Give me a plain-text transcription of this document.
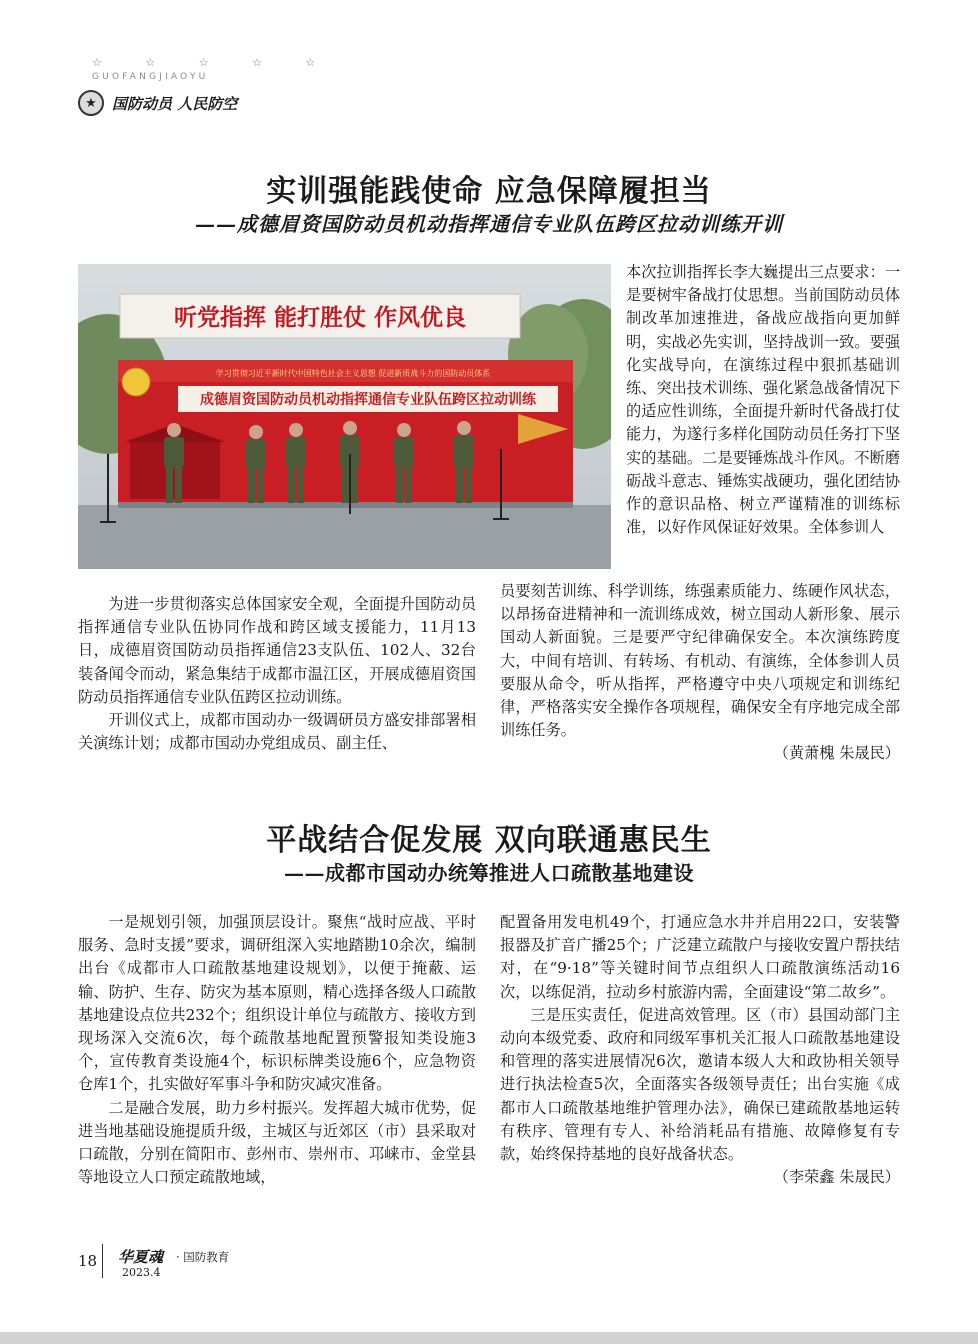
☆ ☆ ☆ ☆ ☆
GUOFANGJIAOYU
★	国防动员 人民防空
实训强能践使命 应急保障履担当
——成德眉资国防动员机动指挥通信专业队伍跨区拉动训练开训
听党指挥 能打胜仗 作风优良
学习贯彻习近平新时代中国特色社会主义思想 促进新质战斗力的国防动员体系
成德眉资国防动员机动指挥通信专业队伍跨区拉动训练

本次拉训指挥长李大巍提出三点要求：一是要树牢备战打仗思想。当前国防动员体制改革加速推进，备战应战指向更加鲜明，实战必先实训，坚持战训一致。要强化实战导向，在演练过程中狠抓基础训练、突出技术训练、强化紧急战备情况下的适应性训练，全面提升新时代备战打仗能力，为遂行多样化国防动员任务打下坚实的基础。二是要锤炼战斗作风。不断磨砺战斗意志、锤炼实战硬功，强化团结协作的意识品格、树立严谨精准的训练标准，以好作风保证好效果。全体参训人

为进一步贯彻落实总体国家安全观，全面提升国防动员指挥通信专业队伍协同作战和跨区域支援能力，11月13日，成德眉资国防动员指挥通信23支队伍、102人、32台装备闻令而动，紧急集结于成都市温江区，开展成德眉资国防动员指挥通信专业队伍跨区拉动训练。

开训仪式上，成都市国动办一级调研员方盛安排部署相关演练计划；成都市国动办党组成员、副主任、

员要刻苦训练、科学训练，练强素质能力、练硬作风状态，以昂扬奋进精神和一流训练成效，树立国动人新形象、展示国动人新面貌。三是要严守纪律确保安全。本次演练跨度大，中间有培训、有转场、有机动、有演练，全体参训人员要服从命令，听从指挥，严格遵守中央八项规定和训练纪律，严格落实安全操作各项规程，确保安全有序地完成全部训练任务。

（黄萧槐 朱晟民）

平战结合促发展 双向联通惠民生
——成都市国动办统筹推进人口疏散基地建设

一是规划引领，加强顶层设计。聚焦“战时应战、平时服务、急时支援”要求，调研组深入实地踏勘10余次，编制出台《成都市人口疏散基地建设规划》，以便于掩蔽、运输、防护、生存、防灾为基本原则，精心选择各级人口疏散基地建设点位共232个；组织设计单位与疏散方、接收方到现场深入交流6次，每个疏散基地配置预警报知类设施3个，宣传教育类设施4个，标识标牌类设施6个，应急物资仓库1个，扎实做好军事斗争和防灾减灾准备。

二是融合发展，助力乡村振兴。发挥超大城市优势，促进当地基础设施提质升级，主城区与近郊区（市）县采取对口疏散，分别在简阳市、彭州市、崇州市、邛崃市、金堂县等地设立人口预定疏散地域，

配置备用发电机49个，打通应急水井并启用22口，安装警报器及扩音广播25个；广泛建立疏散户与接收安置户帮扶结对，在“9·18”等关键时间节点组织人口疏散演练活动16次，以练促消，拉动乡村旅游内需，全面建设“第二故乡”。

三是压实责任，促进高效管理。区（市）县国动部门主动向本级党委、政府和同级军事机关汇报人口疏散基地建设和管理的落实进展情况6次，邀请本级人大和政协相关领导进行执法检查5次，全面落实各级领导责任；出台实施《成都市人口疏散基地维护管理办法》，确保已建疏散基地运转有秩序、管理有专人、补给消耗品有措施、故障修复有专款，始终保持基地的良好战备状态。

（李荣鑫 朱晟民）

18 华夏魂 · 国防教育
2023.4
